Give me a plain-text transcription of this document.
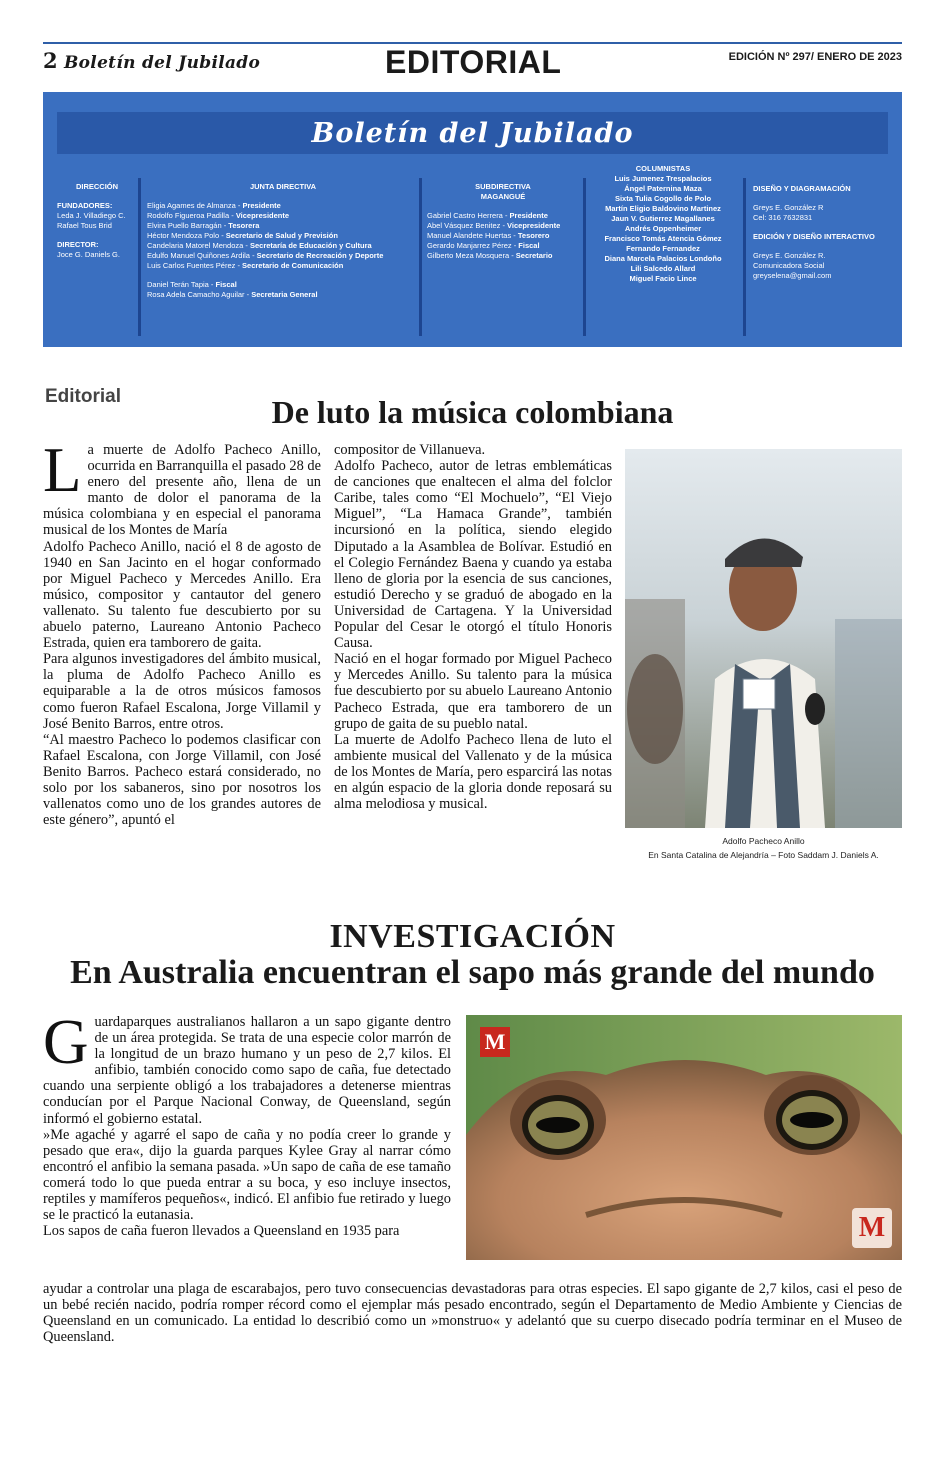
2 Boletín del Jubilado	EDITORIAL	EDICIÓN Nº 297/ ENERO DE 2023
Boletín del Jubilado
DIRECCIÓN
FUNDADORES:
Leda J. Villadiego C.
Rafael Tous Brid
DIRECTOR:
Joce G. Daniels G.
JUNTA DIRECTIVA
Eligia Agames de Almanza - Presidente
Rodolfo Figueroa Padilla - Vicepresidente
Elvira Puello Barragán - Tesorera
Héctor Mendoza Polo - Secretario de Salud y Previsión
Candelaria Matorel Mendoza - Secretaría de Educación y Cultura
Edulfo Manuel Quiñones Ardila - Secretario de Recreación y Deporte
Luis Carlos Fuentes Pérez - Secretario de Comunicación
Daniel Terán Tapia - Fiscal
Rosa Adela Camacho Aguilar - Secretaria General
SUBDIRECTIVA
MAGANGUÉ
Gabriel Castro Herrera - Presidente
Abel Vásquez Benitez - Vicepresidente
Manuel Alandete Huertas - Tesorero
Gerardo Manjarrez Pérez - Fiscal
Gilberto Meza Mosquera - Secretario
COLUMNISTAS
Luis Jumenez Trespalacios
Ángel Paternina Maza
Sixta Tulia Cogollo de Polo
Martín Eligio Baldovino Martinez
Jaun V. Gutierrez Magallanes
Andrés Oppenheimer
Francisco Tomás Atencia Gómez
Fernando Fernandez
Diana Marcela Palacios Londoño
Lili Salcedo Allard
Miguel Facio Lince
DISEÑO Y DIAGRAMACIÓN
Greys E. González R
Cel: 316 7632831
EDICIÓN Y DISEÑO INTERACTIVO
Greys E. González R.
Comunicadora Social
greyselena@gmail.com
Editorial	De luto la música colombiana

La muerte de Adolfo Pacheco Anillo, ocurrida en Barranquilla el pasado 28 de enero del presente año, llena de un manto de dolor el panorama de la música colombiana y en especial el panorama musical de los Montes de María

Adolfo Pacheco Anillo, nació el 8 de agosto de 1940 en San Jacinto en el hogar conformado por Miguel Pacheco y Mercedes Anillo. Era músico, compositor y cantautor del genero vallenato. Su talento fue descubierto por su abuelo paterno, Laureano Antonio Pacheco Estrada, quien era tamborero de gaita.

Para algunos investigadores del ámbito musical, la pluma de Adolfo Pacheco Anillo es equiparable a la de otros músicos famosos como fueron Rafael Escalona, Jorge Villamil y José Benito Barros, entre otros.

“Al maestro Pacheco lo podemos clasificar con Rafael Escalona, con Jorge Villamil, con José Benito Barros. Pacheco estará considerado, no solo por los sabaneros, sino por nosotros los vallenatos como uno de los grandes autores de este género”, apuntó el

compositor de Villanueva.

Adolfo Pacheco, autor de letras emblemáticas de canciones que enaltecen el alma del folclor Caribe, tales como “El Mochuelo”, “El Viejo Miguel”, “La Hamaca Grande”, también incursionó en la política, siendo elegido Diputado a la Asamblea de Bolívar. Estudió en el Colegio Fernández Baena y cuando ya estaba lleno de gloria por la esencia de sus canciones, estudió Derecho y se graduó de abogado en la Universidad de Cartagena. Y la Universidad Popular del Cesar le otorgó el título Honoris Causa.

Nació en el hogar formado por Miguel Pacheco y Mercedes Anillo. Su talento para la música fue descubierto por su abuelo Laureano Antonio Pacheco Estrada, que era tamborero de un grupo de gaita de su pueblo natal.

La muerte de Adolfo Pacheco llena de luto el ambiente musical del Vallenato y de la música de los Montes de María, pero esparcirá las notas en algún espacio de la gloria donde reposará su alma melodiosa y musical.

Adolfo Pacheco Anillo
En Santa Catalina de Alejandría – Foto Saddam J. Daniels A.
INVESTIGACIÓN
En Australia encuentran el sapo más grande del mundo

Guardaparques australianos hallaron a un sapo gigante dentro de un área protegida. Se trata de una especie color marrón de la longitud de un brazo humano y un peso de 2,7 kilos. El anfibio, también conocido como sapo de caña, fue detectado cuando una serpiente obligó a los trabajadores a detenerse mientras conducían por el Parque Nacional Conway, de Queensland, según informó el gobierno estatal.

»Me agaché y agarré el sapo de caña y no podía creer lo grande y pesado que era«, dijo la guarda parques Kylee Gray al narrar cómo encontró el anfibio la semana pasada. »Un sapo de caña de ese tamaño comerá todo lo que pueda entrar a su boca, y eso incluye insectos, reptiles y mamíferos pequeños«, indicó. El anfibio fue retirado y luego se le practicó la eutanasia.

Los sapos de caña fueron llevados a Queensland en 1935 para

ayudar a controlar una plaga de escarabajos, pero tuvo consecuencias devastadoras para otras especies. El sapo gigante de 2,7 kilos, casi el peso de un bebé recién nacido, podría romper récord como el ejemplar más pesado encontrado, según el Departamento de Medio Ambiente y Ciencias de Queensland en un comunicado. La entidad lo describió como un »monstruo« y adelantó que su cuerpo disecado podría terminar en el Museo de Queensland.

M
M
